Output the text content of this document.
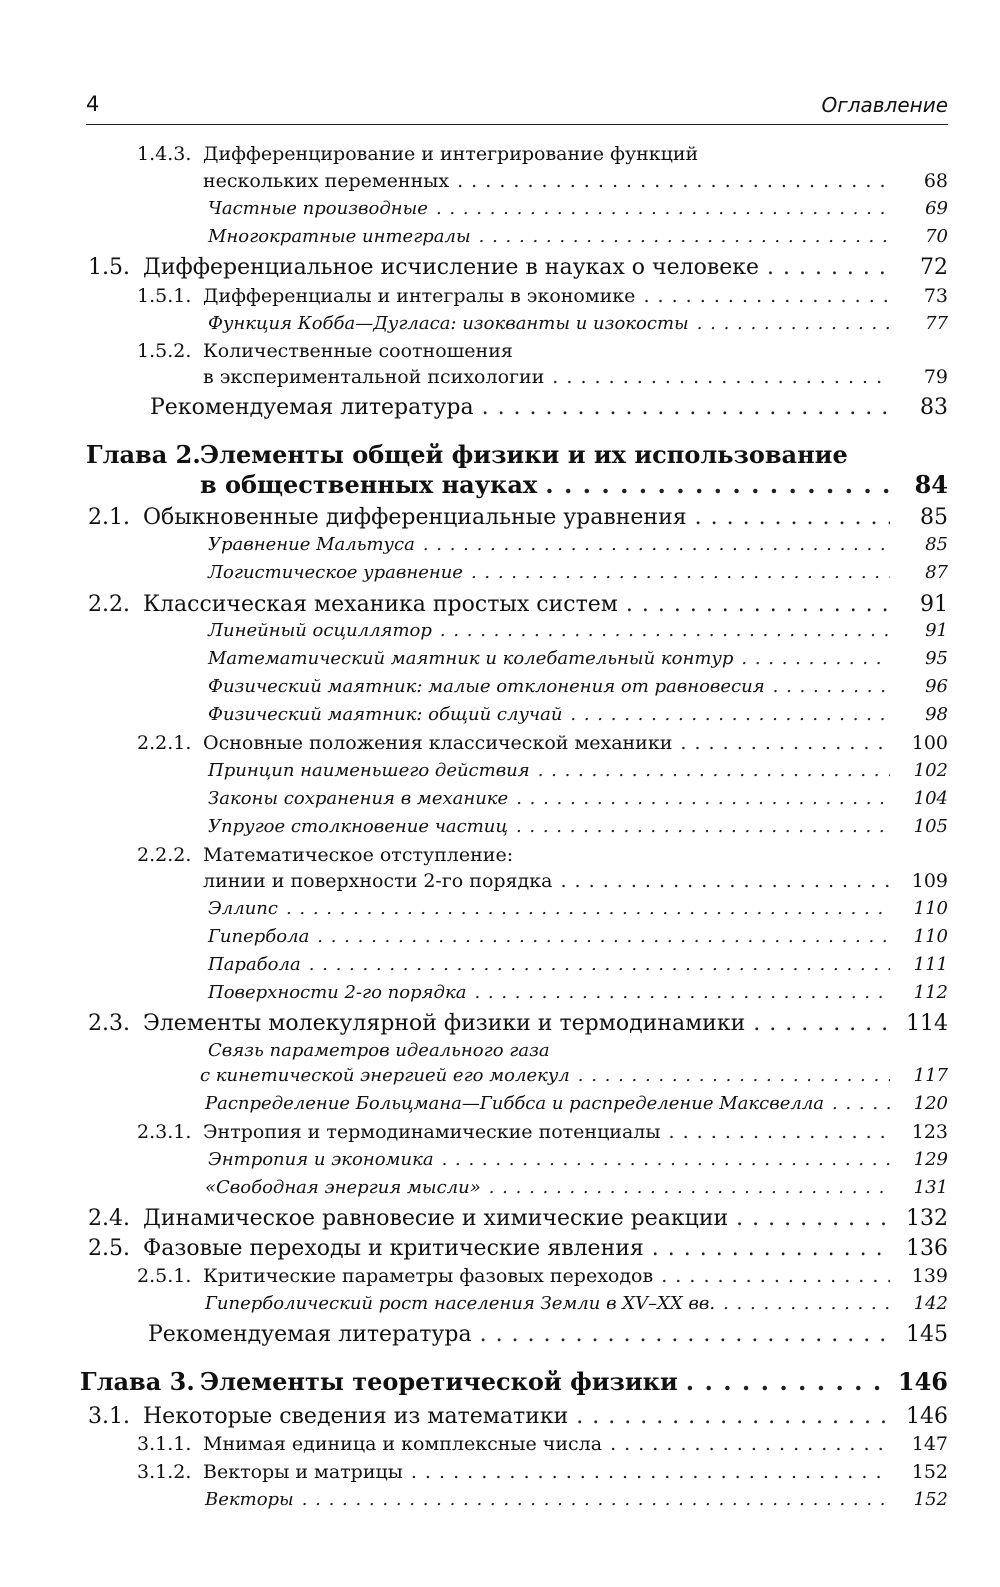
4	Оглавление
1.4.3. Дифференцирование и интегрирование функций
нескольких переменных . . .	68
Частные производные . . .	69
Многократные интегралы . . .	70
1.5. Дифференциальное исчисление в науках о человеке . . .	72
1.5.1. Дифференциалы и интегралы в экономике . . .	73
Функция Кобба—Дугласа: изокванты и изокосты . . .	77
1.5.2. Количественные соотношения
в экспериментальной психологии . . .	79
Рекомендуемая литература . . .	83
Глава 2. Элементы общей физики и их использование
в общественных науках . . .	84
2.1. Обыкновенные дифференциальные уравнения . . .	85
Уравнение Мальтуса . . .	85
Логистическое уравнение . . .	87
2.2. Классическая механика простых систем . . .	91
Линейный осциллятор . . .	91
Математический маятник и колебательный контур . . .	95
Физический маятник: малые отклонения от равновесия . . .	96
Физический маятник: общий случай . . .	98
2.2.1. Основные положения классической механики . . .	100
Принцип наименьшего действия . . .	102
Законы сохранения в механике . . .	104
Упругое столкновение частиц . . .	105
2.2.2. Математическое отступление:
линии и поверхности 2-го порядка . . .	109
Эллипс . . .	110
Гипербола . . .	110
Парабола . . .	111
Поверхности 2-го порядка . . .	112
2.3. Элементы молекулярной физики и термодинамики . . .	114
Связь параметров идеального газа
с кинетической энергией его молекул . . .	117
Распределение Больцмана—Гиббса и распределение Максвелла . . .	120
2.3.1. Энтропия и термодинамические потенциалы . . .	123
Энтропия и экономика . . .	129
«Свободная энергия мысли» . . .	131
2.4. Динамическое равновесие и химические реакции . . .	132
2.5. Фазовые переходы и критические явления . . .	136
2.5.1. Критические параметры фазовых переходов . . .	139
Гиперболический рост населения Земли в XV–XX вв. . . .	142
Рекомендуемая литература . . .	145
Глава 3. Элементы теоретической физики . . .	146
3.1. Некоторые сведения из математики . . .	146
3.1.1. Мнимая единица и комплексные числа . . .	147
3.1.2. Векторы и матрицы . . .	152
Векторы . . .	152
